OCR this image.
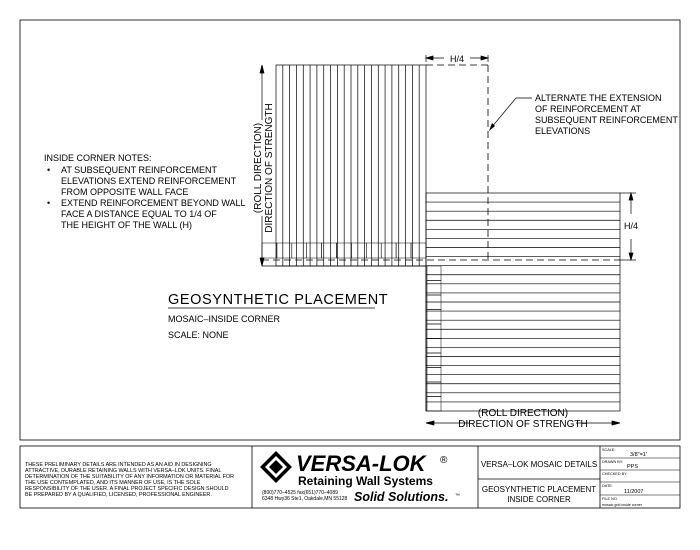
H/4
H/4
(ROLL DIRECTION) DIRECTION OF STRENGTH
(ROLL DIRECTION)
DIRECTION OF STRENGTH
ALTERNATE THE EXTENSION
OF REINFORCEMENT AT
SUBSEQUENT REINFORCEMENT
ELEVATIONS
INSIDE CORNER NOTES:
• AT SUBSEQUENT REINFORCEMENT
ELEVATIONS EXTEND REINFORCEMENT
FROM OPPOSITE WALL FACE
• EXTEND REINFORCEMENT BEYOND WALL
FACE A DISTANCE EQUAL TO 1/4 OF
THE HEIGHT OF THE WALL (H)
GEOSYNTHETIC PLACEMENT
MOSAIC–INSIDE CORNER
SCALE: NONE
THESE PRELIMINARY DETAILS ARE INTENDED AS AN AID IN DESIGNING
ATTRACTIVE, DURABLE RETAINING WALLS WITH VERSA–LOK UNITS. FINAL
DETERMINATION OF THE SUITABILITY OF ANY INFORMATION OR MATERIAL FOR
THE USE CONTEMPLATED, AND ITS MANNER OF USE, IS THE SOLE
RESPONSIBILITY OF THE USER. A FINAL PROJECT SPECIFIC DESIGN SHOULD
BE PREPARED BY A QUALIFIED, LICENSED, PROFESSIONAL ENGINEER.
VERSA-LOK ®
Retaining Wall Systems
(800)770–4525 fax(651)770–4089
6348 Hwy36 Ste1, Oakdale,MN 55128 Solid Solutions. ™
VERSA–LOK MOSAIC DETAILS
GEOSYNTHETIC PLACEMENT
INSIDE CORNER
SCALE:
3/8"=1'
DRAWN BY:
PPS
CHECKED BY:
DATE:
11/2007
FILE NO.
mosaic grid inside corner
